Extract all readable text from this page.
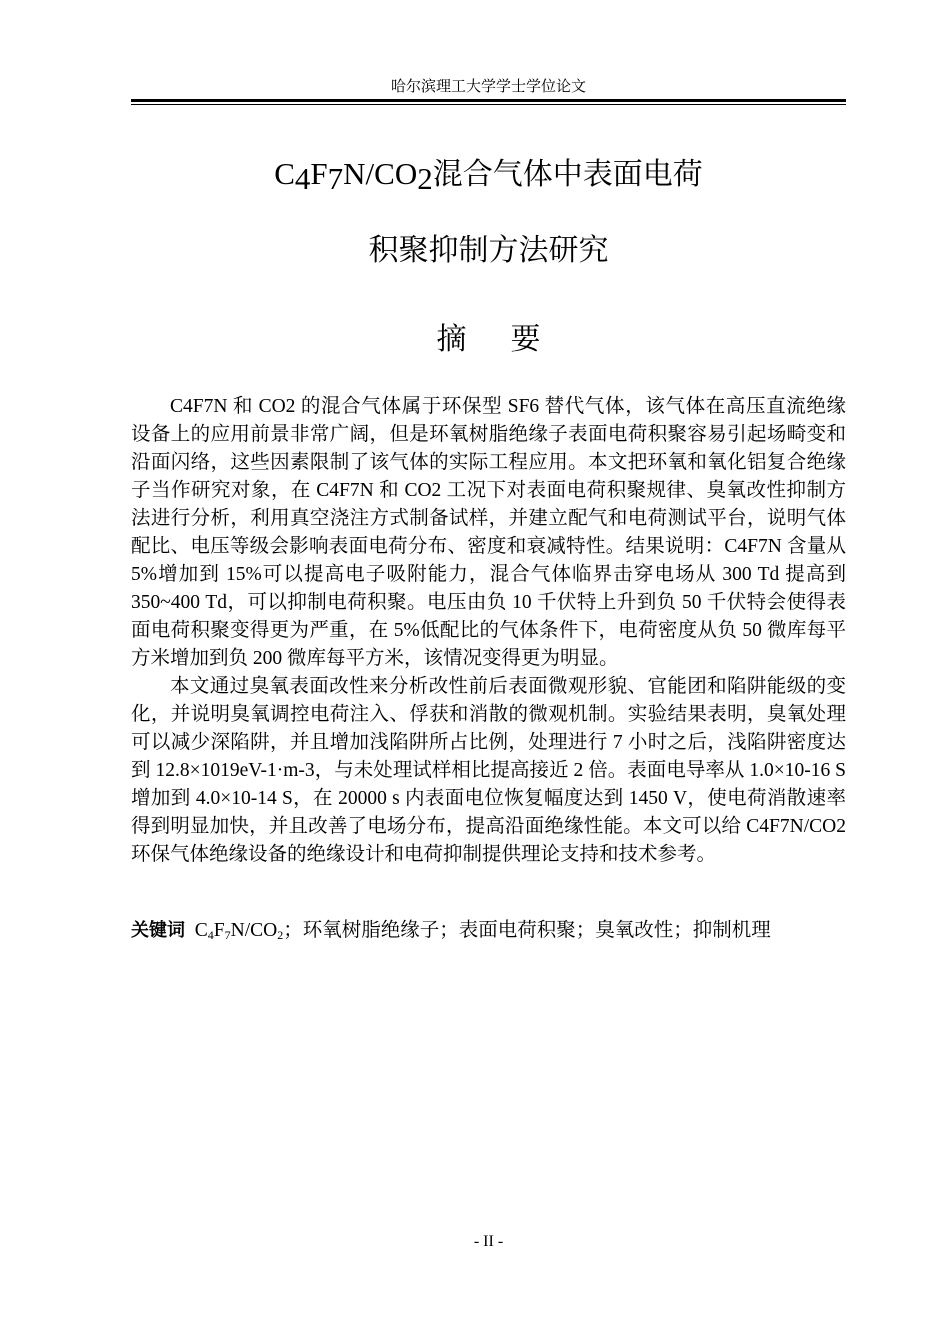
哈尔滨理工大学学士学位论文
C4F7N/CO2混合气体中表面电荷
积聚抑制方法研究
摘 要

C4F7N 和 CO2 的混合气体属于环保型 SF6 替代气体，该气体在高压直流绝缘设备上的应用前景非常广阔，但是环氧树脂绝缘子表面电荷积聚容易引起场畸变和沿面闪络，这些因素限制了该气体的实际工程应用。本文把环氧和氧化铝复合绝缘子当作研究对象，在 C4F7N 和 CO2 工况下对表面电荷积聚规律、臭氧改性抑制方法进行分析，利用真空浇注方式制备试样，并建立配气和电荷测试平台，说明气体配比、电压等级会影响表面电荷分布、密度和衰减特性。结果说明：C4F7N 含量从 5%增加到 15%可以提高电子吸附能力，混合气体临界击穿电场从 300 Td 提高到 350~400 Td，可以抑制电荷积聚。电压由负 10 千伏特上升到负 50 千伏特会使得表面电荷积聚变得更为严重，在 5%低配比的气体条件下，电荷密度从负 50 微库每平方米增加到负 200 微库每平方米，该情况变得更为明显。

本文通过臭氧表面改性来分析改性前后表面微观形貌、官能团和陷阱能级的变化，并说明臭氧调控电荷注入、俘获和消散的微观机制。实验结果表明，臭氧处理可以减少深陷阱，并且增加浅陷阱所占比例，处理进行 7 小时之后，浅陷阱密度达到 12.8×1019eV-1·m-3，与未处理试样相比提高接近 2 倍。表面电导率从 1.0×10-16 S 增加到 4.0×10-14 S，在 20000 s 内表面电位恢复幅度达到 1450 V，使电荷消散速率得到明显加快，并且改善了电场分布，提高沿面绝缘性能。本文可以给 C4F7N/CO2 环保气体绝缘设备的绝缘设计和电荷抑制提供理论支持和技术参考。

关键词 $C_4F_7N/CO_2$；环氧树脂绝缘子；表面电荷积聚；臭氧改性；抑制机理
- II -
